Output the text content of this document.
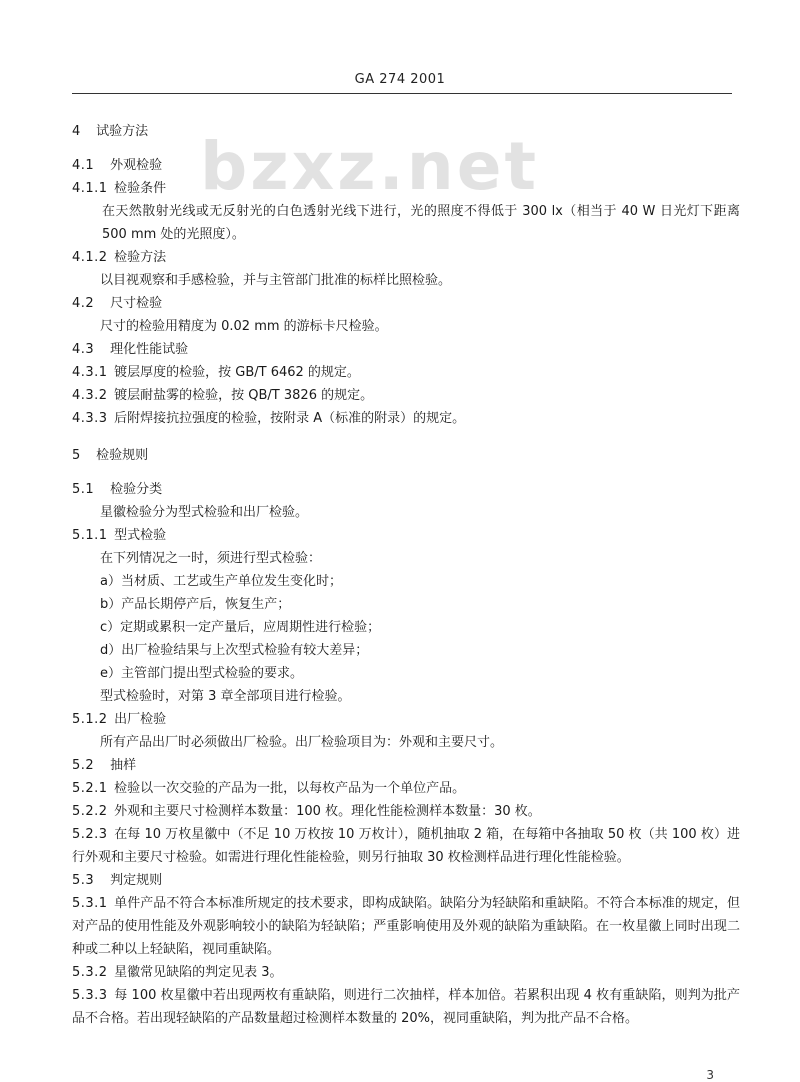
GA 274 2001
bzxz.net
4 试验方法
4.1 外观检验
4.1.1 检验条件
在天然散射光线或无反射光的白色透射光线下进行，光的照度不得低于 300 lx（相当于 40 W 日光灯下距离 500 mm 处的光照度）。
4.1.2 检验方法
以目视观察和手感检验，并与主管部门批准的标样比照检验。
4.2 尺寸检验
尺寸的检验用精度为 0.02 mm 的游标卡尺检验。
4.3 理化性能试验
4.3.1 镀层厚度的检验，按 GB/T 6462 的规定。
4.3.2 镀层耐盐雾的检验，按 QB/T 3826 的规定。
4.3.3 后附焊接抗拉强度的检验，按附录 A（标准的附录）的规定。
5 检验规则
5.1 检验分类
星徽检验分为型式检验和出厂检验。
5.1.1 型式检验
在下列情况之一时，须进行型式检验：
a）当材质、工艺或生产单位发生变化时；
b）产品长期停产后，恢复生产；
c）定期或累积一定产量后，应周期性进行检验；
d）出厂检验结果与上次型式检验有较大差异；
e）主管部门提出型式检验的要求。
型式检验时，对第 3 章全部项目进行检验。
5.1.2 出厂检验
所有产品出厂时必须做出厂检验。出厂检验项目为：外观和主要尺寸。
5.2 抽样
5.2.1 检验以一次交验的产品为一批，以每枚产品为一个单位产品。
5.2.2 外观和主要尺寸检测样本数量：100 枚。理化性能检测样本数量：30 枚。
5.2.3 在每 10 万枚星徽中（不足 10 万枚按 10 万枚计），随机抽取 2 箱，在每箱中各抽取 50 枚（共 100 枚）进行外观和主要尺寸检验。如需进行理化性能检验，则另行抽取 30 枚检测样品进行理化性能检验。
5.3 判定规则
5.3.1 单件产品不符合本标准所规定的技术要求，即构成缺陷。缺陷分为轻缺陷和重缺陷。不符合本标准的规定，但对产品的使用性能及外观影响较小的缺陷为轻缺陷；严重影响使用及外观的缺陷为重缺陷。在一枚星徽上同时出现二种或二种以上轻缺陷，视同重缺陷。
5.3.2 星徽常见缺陷的判定见表 3。
5.3.3 每 100 枚星徽中若出现两枚有重缺陷，则进行二次抽样，样本加倍。若累积出现 4 枚有重缺陷，则判为批产品不合格。若出现轻缺陷的产品数量超过检测样本数量的 20%，视同重缺陷，判为批产品不合格。
3
